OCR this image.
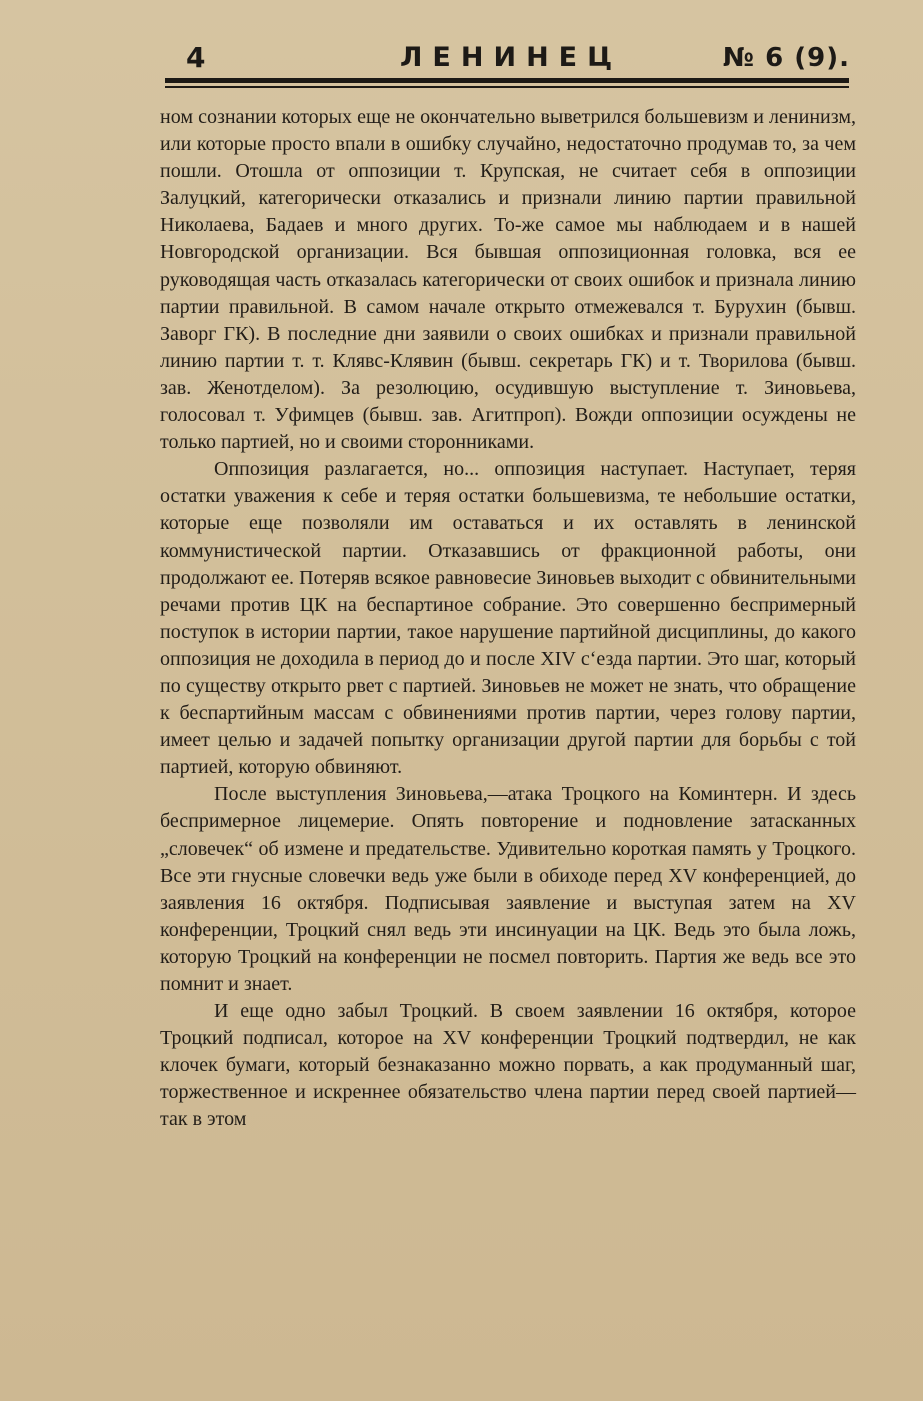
4	ЛЕНИНЕЦ	№ 6 (9).

ном сознании которых еще не окончательно выветрился большевизм и ленинизм, или которые просто впали в ошибку случайно, недостаточно продумав то, за чем пошли. Отошла от оппозиции т. Крупская, не считает себя в оппозиции Залуцкий, категорически отказались и признали линию партии правильной Николаева, Бадаев и много других. То-же самое мы наблюдаем и в нашей Новгородской организации. Вся бывшая оппозиционная головка, вся ее руководящая часть отказалась категорически от своих ошибок и признала линию партии правильной. В самом начале открыто отмежевался т. Бурухин (бывш. Заворг ГК). В последние дни заявили о своих ошибках и признали правильной линию партии т. т. Клявс-Клявин (бывш. секретарь ГК) и т. Творилова (бывш. зав. Женотделом). За резолюцию, осудившую выступление т. Зиновьева, голосовал т. Уфимцев (бывш. зав. Агитпроп). Вожди оппозиции осуждены не только партией, но и своими сторонниками.

Оппозиция разлагается, но... оппозиция наступает. Наступает, теряя остатки уважения к себе и теряя остатки большевизма, те небольшие остатки, которые еще позволяли им оставаться и их оставлять в ленинской коммунистической партии. Отказавшись от фракционной работы, они продолжают ее. Потеряв всякое равновесие Зиновьев выходит с обвинительными речами против ЦК на беспартиное собрание. Это совершенно беспримерный поступок в истории партии, такое нарушение партийной дисциплины, до какого оппозиция не доходила в период до и после XIV с‘езда партии. Это шаг, который по существу открыто рвет с партией. Зиновьев не может не знать, что обращение к беспартийным массам с обвинениями против партии, через голову партии, имеет целью и задачей попытку организации другой партии для борьбы с той партией, которую обвиняют.

После выступления Зиновьева,—атака Троцкого на Коминтерн. И здесь беспримерное лицемерие. Опять повторение и подновление затасканных „словечек“ об измене и предательстве. Удивительно короткая память у Троцкого. Все эти гнусные словечки ведь уже были в обиходе перед XV конференцией, до заявления 16 октября. Подписывая заявление и выступая затем на XV конференции, Троцкий снял ведь эти инсинуации на ЦК. Ведь это была ложь, которую Троцкий на конференции не посмел повторить. Партия же ведь все это помнит и знает.

И еще одно забыл Троцкий. В своем заявлении 16 октября, которое Троцкий подписал, которое на XV конференции Троцкий подтвердил, не как клочек бумаги, который безнаказанно можно порвать, а как продуманный шаг, торжественное и искреннее обязательство члена партии перед своей партией—так в этом
